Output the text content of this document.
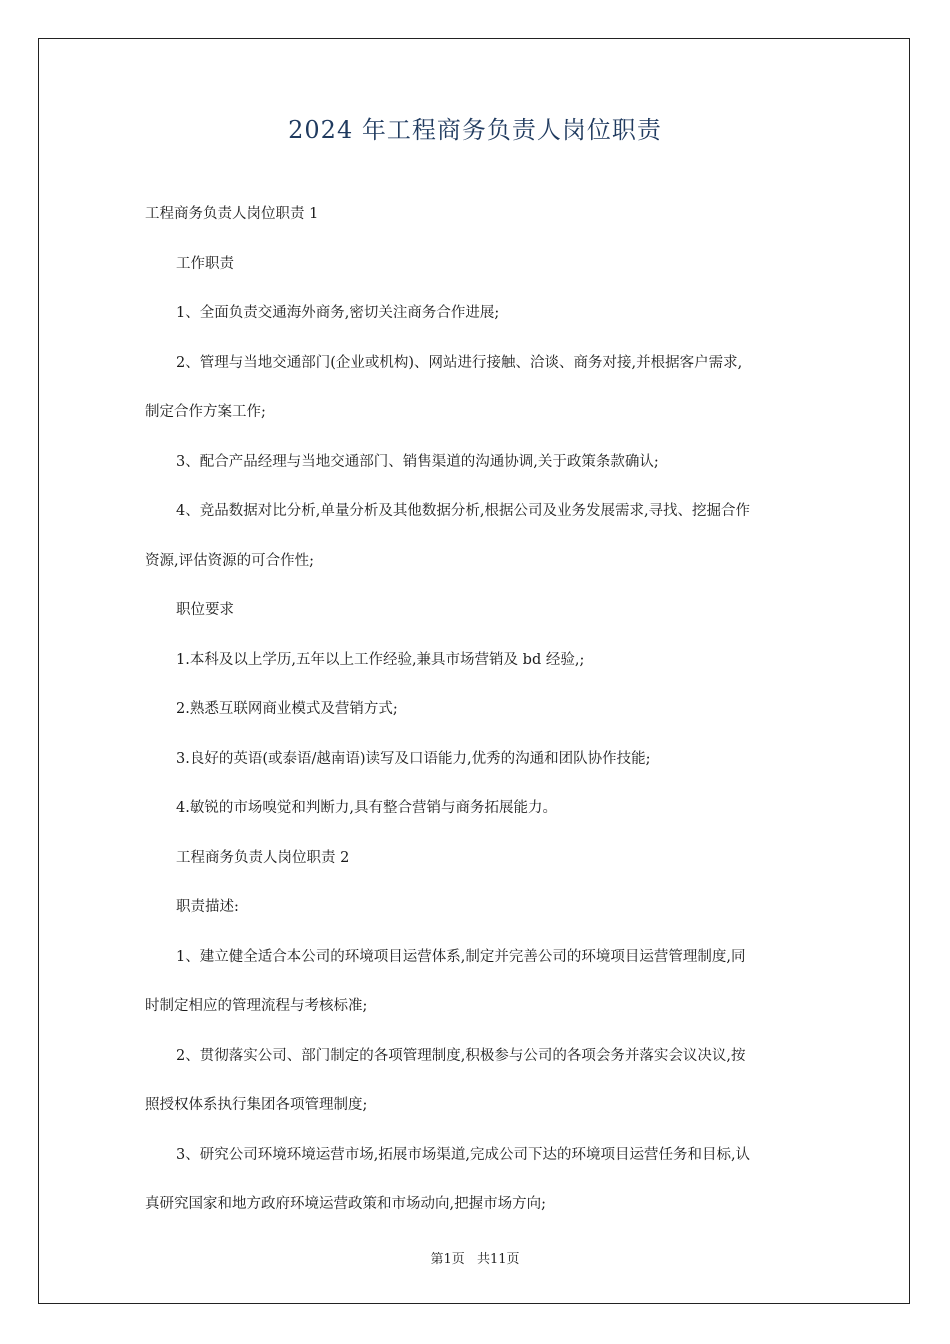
2024 年工程商务负责人岗位职责
工程商务负责人岗位职责 1
工作职责
1、全面负责交通海外商务,密切关注商务合作进展;
2、管理与当地交通部门(企业或机构)、网站进行接触、洽谈、商务对接,并根据客户需求,
制定合作方案工作;
3、配合产品经理与当地交通部门、销售渠道的沟通协调,关于政策条款确认;
4、竞品数据对比分析,单量分析及其他数据分析,根据公司及业务发展需求,寻找、挖掘合作
资源,评估资源的可合作性;
职位要求
1.本科及以上学历,五年以上工作经验,兼具市场营销及 bd 经验,;
2.熟悉互联网商业模式及营销方式;
3.良好的英语(或泰语/越南语)读写及口语能力,优秀的沟通和团队协作技能;
4.敏锐的市场嗅觉和判断力,具有整合营销与商务拓展能力。
工程商务负责人岗位职责 2
职责描述:
1、建立健全适合本公司的环境项目运营体系,制定并完善公司的环境项目运营管理制度,同
时制定相应的管理流程与考核标准;
2、贯彻落实公司、部门制定的各项管理制度,积极参与公司的各项会务并落实会议决议,按
照授权体系执行集团各项管理制度;
3、研究公司环境环境运营市场,拓展市场渠道,完成公司下达的环境项目运营任务和目标,认
真研究国家和地方政府环境运营政策和市场动向,把握市场方向;
第1页 共11页
